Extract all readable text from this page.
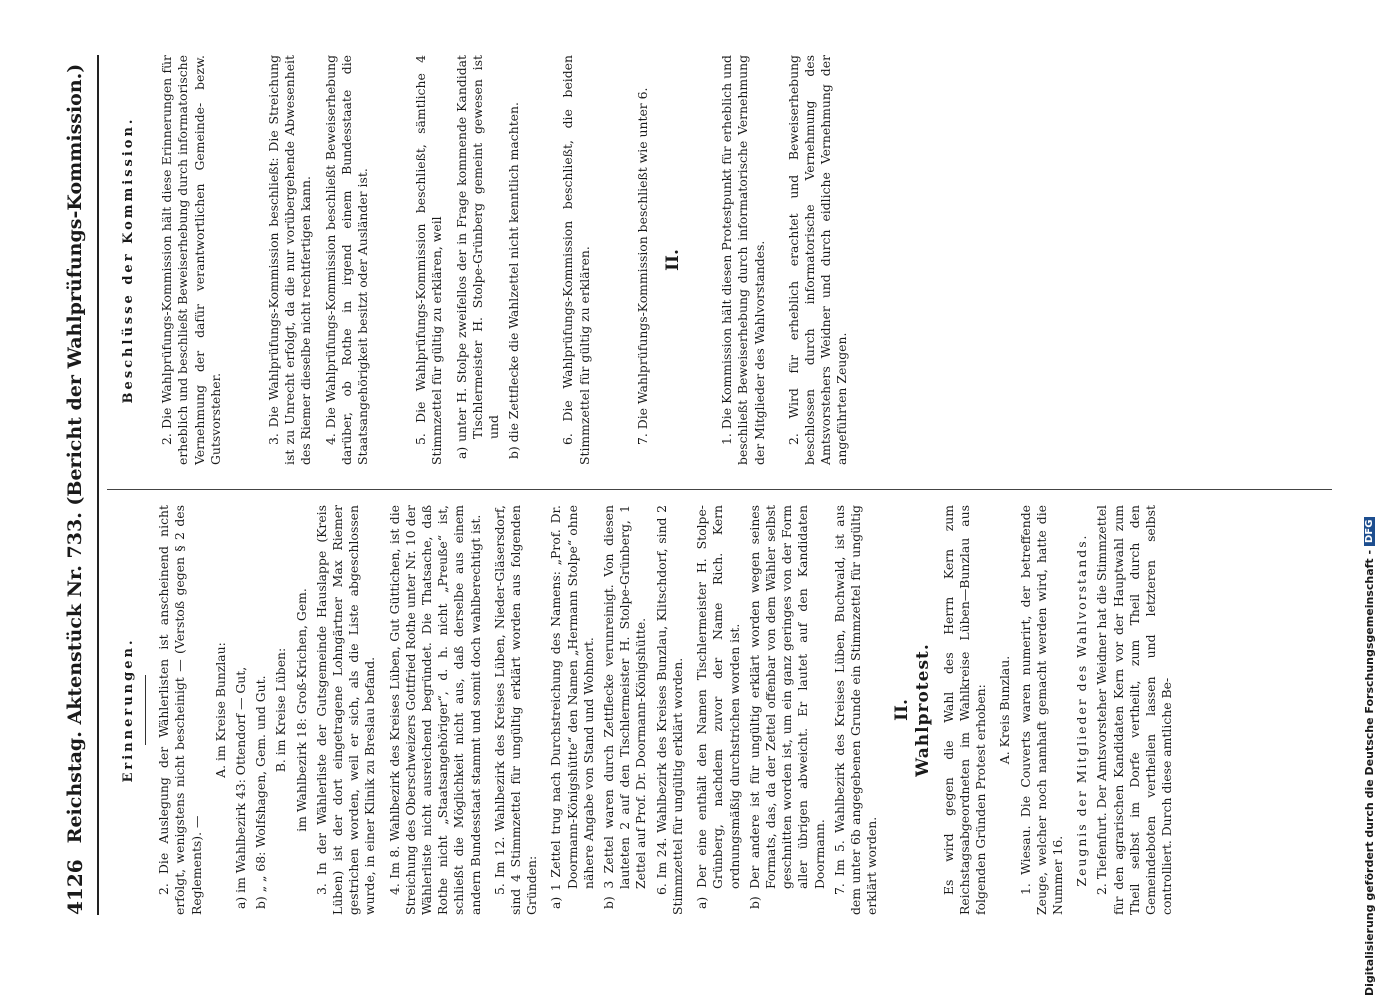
4126
Reichstag. Aktenstück Nr. 733. (Bericht der Wahlprüfungs-Kommission.)	Erinnerungen. 2. Die Auslegung der Wählerlisten ist anscheinend nicht erfolgt, wenigstens nicht bescheinigt — (Verstoß gegen § 2 des Reglements). —

A. im Kreise Bunzlau: a) im Wahlbezirk 43: Ottendorf — Gut, b) „ „ 68: Wolfshagen, Gem. und Gut. B. im Kreise Lüben: im Wahlbezirk 18: Groß-Krichen, Gem. 3. In der Wählerliste der Gutsgemeinde Hauslappe (Kreis Lüben) ist der dort eingetragene Lohngärtner Max Riemer gestrichen worden, weil er sich, als die Liste abgeschlossen wurde, in einer Klinik zu Breslau befand. 4. Im 8. Wahlbezirk des Kreises Lüben, Gut Güttichen, ist die Streichung des Oberschweizers Gottfried Rothe unter Nr. 10 der Wählerliste nicht ausreichend begründet. Die Thatsache, daß Rothe nicht „Staatsangehöriger“, d. h. nicht „Preuße“ ist, schließt die Möglichkeit nicht aus, daß derselbe aus einem andern Bundesstaat stammt und somit doch wahlberechtigt ist. 5. Im 12. Wahlbezirk des Kreises Lüben, Nieder-Gläsersdorf, sind 4 Stimmzettel für ungültig erklärt worden aus folgenden Gründen: a) 1 Zettel trug nach Durchstreichung des Namens: „Prof. Dr. Doormann-Königshütte“ den Namen „Hermann Stolpe“ ohne nähere Angabe von Stand und Wohnort. b) 3 Zettel waren durch Zettflecke verunreinigt. Von diesen lauteten 2 auf den Tischlermeister H. Stolpe-Grünberg, 1 Zettel auf Prof. Dr. Doormann-Königshütte. 6. Im 24. Wahlbezirk des Kreises Bunzlau, Klitschdorf, sind 2 Stimmzettel für ungültig erklärt worden. a) Der eine enthält den Namen Tischlermeister H. Stolpe-Grünberg, nachdem zuvor der Name Rich. Kern ordnungsmäßig durchstrichen worden ist. b) Der andere ist für ungültig erklärt worden wegen seines Formats, das, da der Zettel offenbar von dem Wähler selbst geschnitten worden ist, um ein ganz geringes von der Form aller übrigen abweicht. Er lautet auf den Kandidaten Doormann. 7. Im 5. Wahlbezirk des Kreises Lüben, Buchwald, ist aus dem unter 6b angegebenen Grunde ein Stimmzettel für ungültig erklärt worden.

II. Wahlprotest. Es wird gegen die Wahl des Herrn Kern zum Reichstagsabgeordneten im Wahlkreise Lüben—Bunzlau aus folgenden Gründen Protest erhoben: A. Kreis Bunzlau. 1. Wiesau. Die Couverts waren numerirt, der betreffende Zeuge, welcher noch namhaft gemacht werden wird, hatte die Nummer 16. Zeugnis der Mitglieder des Wahlvorstands. 2. Tiefenfurt. Der Amtsvorsteher Weidner hat die Stimmzettel für den agrarischen Kandidaten Kern vor der Hauptwahl zum Theil selbst im Dorfe vertheilt, zum Theil durch den Gemeindeboten vertheilen lassen und letzteren selbst controlliert. Durch diese amtliche Be-

Beschlüsse der Kommission. 2. Die Wahlprüfungs-Kommission hält diese Erinnerungen für erheblich und beschließt Beweiserhebung durch informatorische Vernehmung der dafür verantwortlichen Gemeinde- bezw. Gutsvorsteher.	3. Die Wahlprüfungs-Kommission beschließt: Die Streichung ist zu Unrecht erfolgt, da die nur vorübergehende Abwesenheit des Riemer dieselbe nicht rechtfertigen kann. 4. Die Wahlprüfungs-Kommission beschließt Beweiserhebung darüber, ob Rothe in irgend einem Bundesstaate die Staatsangehörigkeit besitzt oder Ausländer ist.	5. Die Wahlprüfungs-Kommission beschließt, sämtliche 4 Stimmzettel für gültig zu erklären, weil a) unter H. Stolpe zweifellos der in Frage kommende Kandidat Tischlermeister H. Stolpe-Grünberg gemeint gewesen ist und b) die Zettflecke die Wahlzettel nicht kenntlich machten.	6. Die Wahlprüfungs-Kommission beschließt, die beiden Stimmzettel für gültig zu erklären.	7. Die Wahlprüfungs-Kommission beschließt wie unter 6. II.	1. Die Kommission hält diesen Protestpunkt für erheblich und beschließt Beweiserhebung durch informatorische Vernehmung der Mitglieder des Wahlvorstandes. 2. Wird für erheblich erachtet und Beweiserhebung beschlossen durch informatorische Vernehmung des Amtsvorstehers Weidner und durch eidliche Vernehmung der angeführten Zeugen.

Digitalisierung gefördert durch die Deutsche Forschungsgemeinschaft -
DFG
